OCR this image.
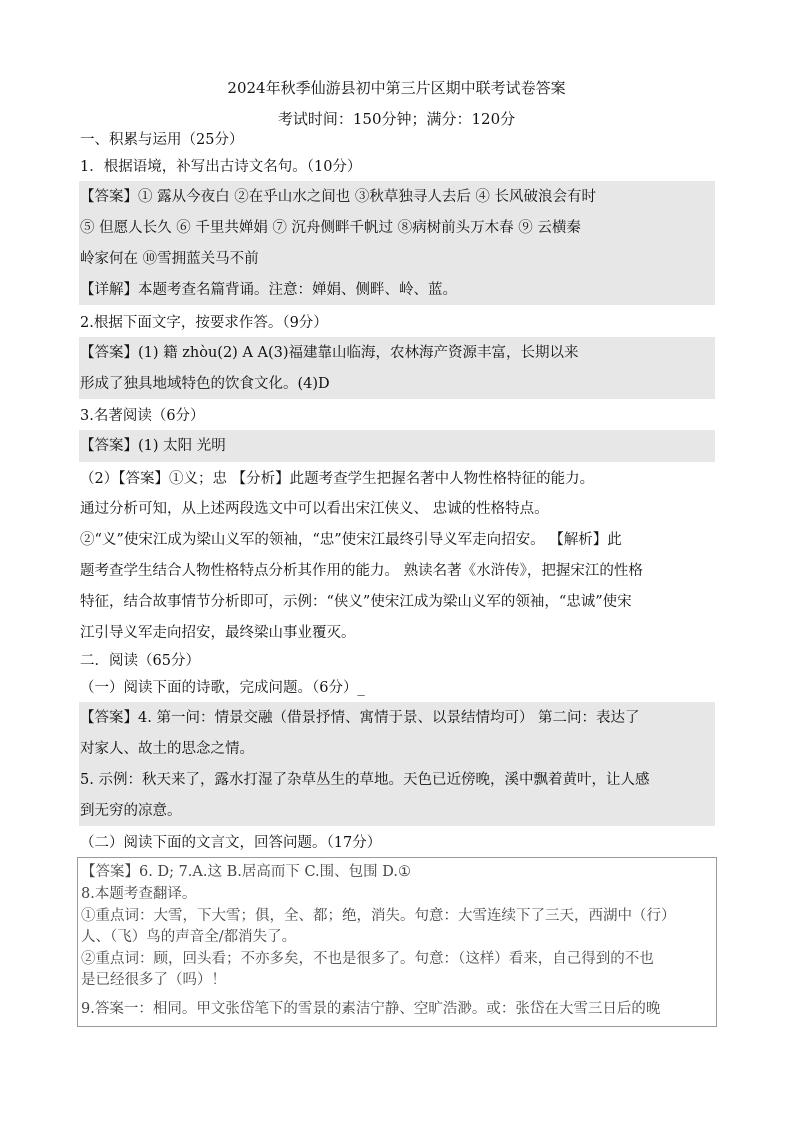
2024年秋季仙游县初中第三片区期中联考试卷答案
考试时间：150分钟；满分：120分
一、积累与运用（25分）
1．根据语境，补写出古诗文名句。（10分）
【答案】① 露从今夜白 ②在乎山水之间也 ③秋草独寻人去后 ④ 长风破浪会有时
⑤ 但愿人长久 ⑥ 千里共婵娟 ⑦ 沉舟侧畔千帆过 ⑧病树前头万木春 ⑨ 云横秦
岭家何在 ⑩雪拥蓝关马不前
【详解】本题考查名篇背诵。注意：婵娟、侧畔、岭、蓝。
2.根据下面文字，按要求作答。（9分）
【答案】(1) 籍 zhòu(2) A A(3)福建靠山临海，农林海产资源丰富，长期以来
形成了独具地域特色的饮食文化。(4)D
3.名著阅读（6分）
【答案】(1) 太阳 光明
（2）【答案】①义；忠 【分析】此题考查学生把握名著中人物性格特征的能力。
通过分析可知，从上述两段选文中可以看出宋江侠义、 忠诚的性格特点。
②“义”使宋江成为梁山义军的领袖，“忠”使宋江最终引导义军走向招安。 【解析】此
题考查学生结合人物性格特点分析其作用的能力。 熟读名著《水浒传》，把握宋江的性格
特征，结合故事情节分析即可，示例：“侠义”使宋江成为梁山义军的领袖，“忠诚”使宋
江引导义军走向招安，最终梁山事业覆灭。
二．阅读（65分）
（一）阅读下面的诗歌，完成问题。（6分）_
【答案】4. 第一问：情景交融（借景抒情、寓情于景、以景结情均可） 第二问：表达了
对家人、故土的思念之情。
5. 示例：秋天来了，露水打湿了杂草丛生的草地。天色已近傍晚，溪中飘着黄叶，让人感
到无穷的凉意。
（二）阅读下面的文言文，回答问题。（17分）
【答案】6. D; 7.A.这 B.居高而下 C.围、包围 D.①
8.本题考查翻译。
①重点词：大雪，下大雪；俱，全、都；绝，消失。句意：大雪连续下了三天，西湖中（行）
人、（飞）鸟的声音全/都消失了。
②重点词：顾，回头看；不亦多矣，不也是很多了。句意：（这样）看来，自己得到的不也
是已经很多了（吗）！
9.答案一：相同。甲文张岱笔下的雪景的素洁宁静、空旷浩渺。或：张岱在大雪三日后的晚
